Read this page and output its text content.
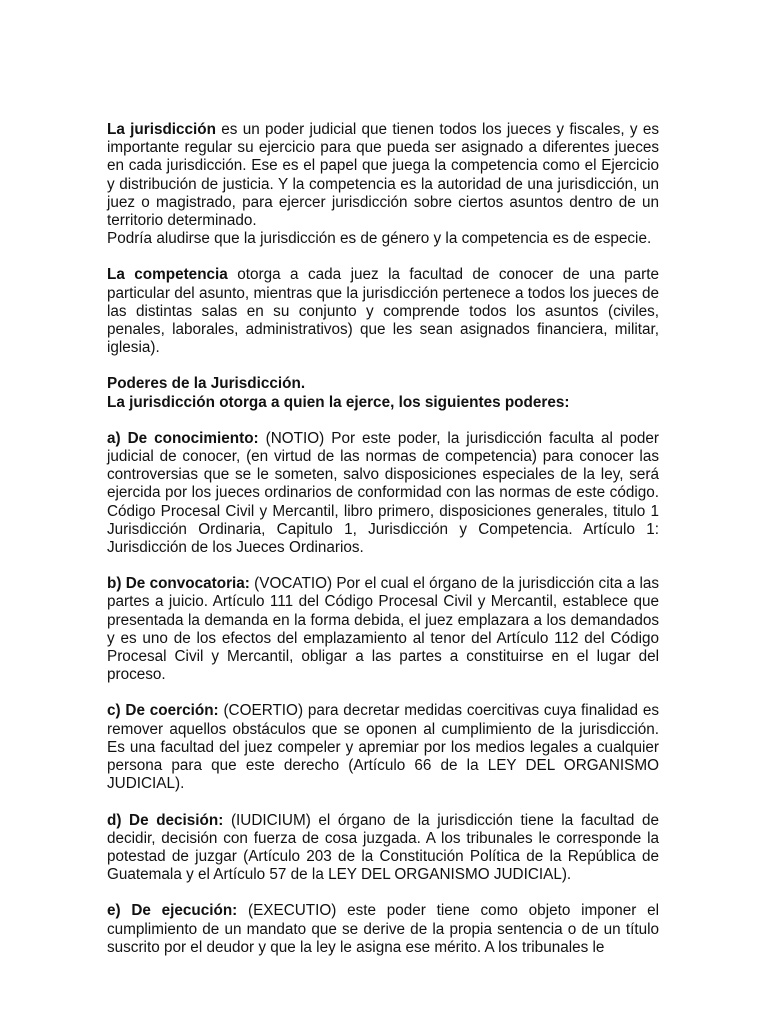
La jurisdicción es un poder judicial que tienen todos los jueces y fiscales, y es importante regular su ejercicio para que pueda ser asignado a diferentes jueces en cada jurisdicción. Ese es el papel que juega la competencia como el Ejercicio y distribución de justicia. Y la competencia es la autoridad de una jurisdicción, un juez o magistrado, para ejercer jurisdicción sobre ciertos asuntos dentro de un territorio determinado.

Podría aludirse que la jurisdicción es de género y la competencia es de especie.

La competencia otorga a cada juez la facultad de conocer de una parte particular del asunto, mientras que la jurisdicción pertenece a todos los jueces de las distintas salas en su conjunto y comprende todos los asuntos (civiles, penales, laborales, administrativos) que les sean asignados financiera, militar, iglesia).

Poderes de la Jurisdicción.

La jurisdicción otorga a quien la ejerce, los siguientes poderes:

a) De conocimiento: (NOTIO) Por este poder, la jurisdicción faculta al poder judicial de conocer, (en virtud de las normas de competencia) para conocer las controversias que se le someten, salvo disposiciones especiales de la ley, será ejercida por los jueces ordinarios de conformidad con las normas de este código. Código Procesal Civil y Mercantil, libro primero, disposiciones generales, titulo 1 Jurisdicción Ordinaria, Capitulo 1, Jurisdicción y Competencia. Artículo 1: Jurisdicción de los Jueces Ordinarios.

b) De convocatoria: (VOCATIO) Por el cual el órgano de la jurisdicción cita a las partes a juicio. Artículo 111 del Código Procesal Civil y Mercantil, establece que presentada la demanda en la forma debida, el juez emplazara a los demandados y es uno de los efectos del emplazamiento al tenor del Artículo 112 del Código Procesal Civil y Mercantil, obligar a las partes a constituirse en el lugar del proceso.

c) De coerción: (COERTIO) para decretar medidas coercitivas cuya finalidad es remover aquellos obstáculos que se oponen al cumplimiento de la jurisdicción. Es una facultad del juez compeler y apremiar por los medios legales a cualquier persona para que este derecho (Artículo 66 de la LEY DEL ORGANISMO JUDICIAL).

d) De decisión: (IUDICIUM) el órgano de la jurisdicción tiene la facultad de decidir, decisión con fuerza de cosa juzgada. A los tribunales le corresponde la potestad de juzgar (Artículo 203 de la Constitución Política de la República de Guatemala y el Artículo 57 de la LEY DEL ORGANISMO JUDICIAL).

e) De ejecución: (EXECUTIO) este poder tiene como objeto imponer el cumplimiento de un mandato que se derive de la propia sentencia o de un título suscrito por el deudor y que la ley le asigna ese mérito. A los tribunales le
